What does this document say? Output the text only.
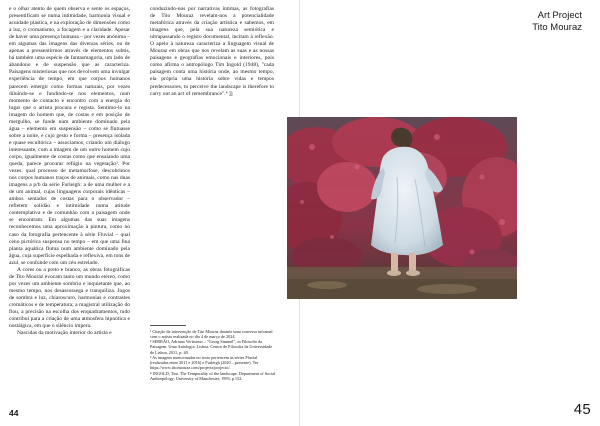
e o olhar atento de quem observa e sente os espaços, presentificam se numa intimidade, harmonia visual e acuidade plástica, e na exploração de dimensões como a luz, o cromatismo, a focagem e a claridade. Apesar de haver uma presença humana – por vezes anónima – em algumas das imagens das diversas séries, ou de apenas a pressentirmos através de elementos subtis, há também uma espécie de fantasmagoria, um lado de abandono e de suspensão que as caracteriza. Paisagens misteriosas que nos devolvem uma invulgar experiência de tempo, em que corpos humanos parecem emergir como formas naturais, por vezes diluindo-se e fundindo-se nos elementos, num momento de contacto e encontro com a energia do lugar que o artista procura e regista. Sentimo-lo na imagem do homem que, de costas e em posição de mergulho, se funde num ambiente dominado pela água – elemento em suspensão – como se flutuasse sobre a noite, e cujo gesto e forma – presença isolada e quase escultórica – associamos, criando um diálogo interessante, com a imagem de um outro homem cujo corpo, igualmente de costas como que ensaiando uma queda, parece procurar refúgio na vegetação². Por vezes, qual processo de metamorfose, descobrimos nos corpos humanos traços de animais, como nas duas imagens a p/b da série Furleigh: a de uma mulher e a de um animal, cujas linguagens corporais idênticas – ambos sentados de costas para o observador – refletem solidão e intimidade numa atitude contemplativa e de comunhão com a paisagem onde se encontram. Em algumas das suas imagens reconhecemos uma aproximação à pintura, como no caso da fotografia pertencente à série Fluvial – qual ceno pictórica suspensa no tempo – em que uma fina planta aquática flutua num ambiente dominado pela água, cuja superfície espelhada e reflexiva, em tons de azul, se confunde com um céu estrelado.

A cores ou a preto e branco, as obras fotográficas de Tito Mouraz evocam tanto um mundo etéreo, como por vezes um ambiente sombrio e inquietante que, ao mesmo tempo, nos desassossega e tranquiliza. Jogos de sombra e luz, chiaroscuro, harmonias e contrastes cromáticos e de temperatura; a magistral utilização do flou, a precisão na escolha dos enquadramentos, tudo contribui para a criação de uma atmosfera hipnótica e nostálgica, em que o silêncio impera.

Nascidas da motivação interior do artista e

conduzindo-nos por narrativas íntimas, as fotografias de Tito Mouraz revelam-nos a potencialidade metafórica através da criação artística e sabemos, em imagens que, pela sua natureza semiótica e ultrapassando o registo documental, incitam à reflexão. O apelo à natureza caracteriza a linguagem visual de Mouraz em obras que nos revelam as suas e as nossas paisagens e geografias emocionais e interiores, pois como afirma o antropólogo Tim Ingold (1948), "cada paisagem conta uma história onde, ao mesmo tempo, ela própria uma história sobre vidas e tempos predecessores, to perceive the landscape is therefore to carry out an act of remembrance".⁴ ]]

¹ Citação da intervenção de Tito Mouraz durante uma conversa informal com o artista realizada no dia 4 de março de 2024.

² SERRÃO, Adriana Veríssimo – "Georg Simmel", in Filosofia da Paisagem. Uma Antologia. Lisboa: Centro de Filosofia da Universidade de Lisboa, 2011, p. 40.

³ As imagens mencionadas no texto pertencem às séries Fluvial (realizadas entre 2011 e 2016) e Furleigh (2020 – presente). Ver https://www.titomouraz.com/projects/projecto/.

⁴ INGOLD, Tim. The Temporality of the landscape. Department of Social Anthropology, University of Manchester, 1993, p.152.

44
Art Project
Tito Mouraz
45
